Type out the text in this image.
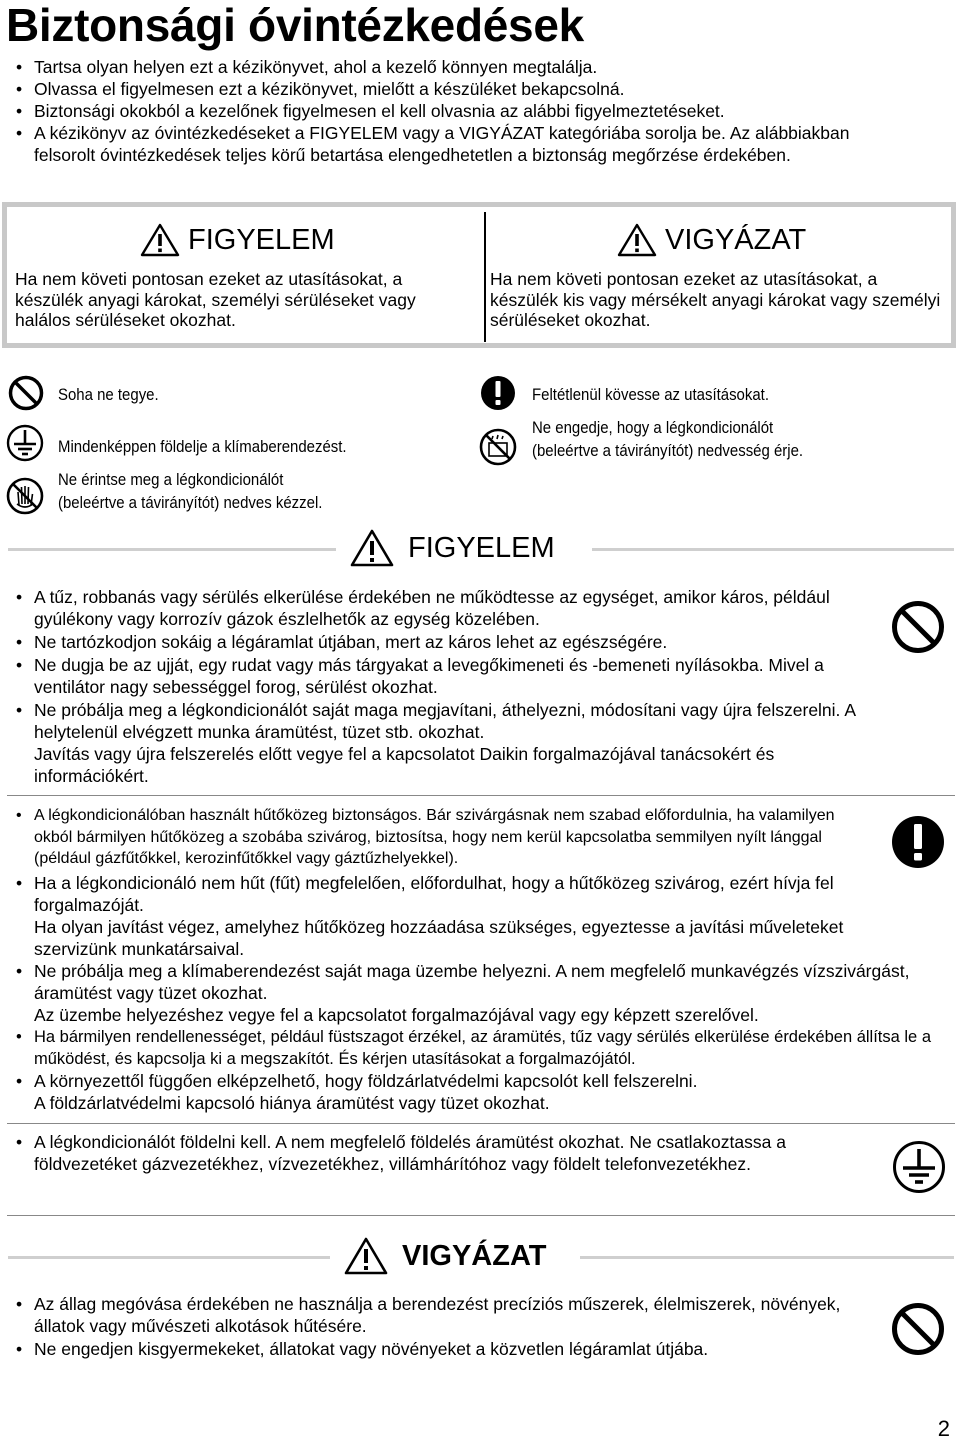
Biztonsági óvintézkedések
• Tartsa olyan helyen ezt a kézikönyvet, ahol a kezelő könnyen megtalálja.
• Olvassa el figyelmesen ezt a kézikönyvet, mielőtt a készüléket bekapcsolná.
• Biztonsági okokból a kezelőnek figyelmesen el kell olvasnia az alábbi figyelmeztetéseket.
• A kézikönyv az óvintézkedéseket a FIGYELEM vagy a VIGYÁZAT kategóriába sorolja be. Az alábbiakban felsorolt óvintézkedések teljes körű betartása elengedhetetlen a biztonság megőrzése érdekében.
FIGYELEM
Ha nem követi pontosan ezeket az utasításokat, a készülék anyagi károkat, személyi sérüléseket vagy halálos sérüléseket okozhat.
VIGYÁZAT
Ha nem követi pontosan ezeket az utasításokat, a készülék kis vagy mérsékelt anyagi károkat vagy személyi sérüléseket okozhat.
Soha ne tegye.
Mindenképpen földelje a klímaberendezést.
Ne érintse meg a légkondicionálót
(beleértve a távirányítót) nedves kézzel.
Feltétlenül kövesse az utasításokat.
Ne engedje, hogy a légkondicionálót
(beleértve a távirányítót) nedvesség érje.
FIGYELEM
• A tűz, robbanás vagy sérülés elkerülése érdekében ne működtesse az egységet, amikor káros, például gyúlékony vagy korrozív gázok észlelhetők az egység közelében.
• Ne tartózkodjon sokáig a légáramlat útjában, mert az káros lehet az egészségére.
• Ne dugja be az ujját, egy rudat vagy más tárgyakat a levegőkimeneti és -bemeneti nyílásokba. Mivel a ventilátor nagy sebességgel forog, sérülést okozhat.
• Ne próbálja meg a légkondicionálót saját maga megjavítani, áthelyezni, módosítani vagy újra felszerelni. A helytelenül elvégzett munka áramütést, tüzet stb. okozhat.
Javítás vagy újra felszerelés előtt vegye fel a kapcsolatot Daikin forgalmazójával tanácsokért és információkért.
• A légkondicionálóban használt hűtőközeg biztonságos. Bár szivárgásnak nem szabad előfordulnia, ha valamilyen okból bármilyen hűtőközeg a szobába szivárog, biztosítsa, hogy nem kerül kapcsolatba semmilyen nyílt lánggal (például gázfűtőkkel, kerozinfűtőkkel vagy gáztűzhelyekkel).
• Ha a légkondicionáló nem hűt (fűt) megfelelően, előfordulhat, hogy a hűtőközeg szivárog, ezért hívja fel forgalmazóját.
Ha olyan javítást végez, amelyhez hűtőközeg hozzáadása szükséges, egyeztesse a javítási műveleteket szervizünk munkatársaival.
• Ne próbálja meg a klímaberendezést saját maga üzembe helyezni. A nem megfelelő munkavégzés vízszivárgást, áramütést vagy tüzet okozhat.
Az üzembe helyezéshez vegye fel a kapcsolatot forgalmazójával vagy egy képzett szerelővel.
• Ha bármilyen rendellenességet, például füstszagot érzékel, az áramütés, tűz vagy sérülés elkerülése érdekében állítsa le a működést, és kapcsolja ki a megszakítót. És kérjen utasításokat a forgalmazójától.
• A környezettől függően elképzelhető, hogy földzárlatvédelmi kapcsolót kell felszerelni.
A földzárlatvédelmi kapcsoló hiánya áramütést vagy tüzet okozhat.
• A légkondicionálót földelni kell. A nem megfelelő földelés áramütést okozhat. Ne csatlakoztassa a földvezetéket gázvezetékhez, vízvezetékhez, villámhárítóhoz vagy földelt telefonvezetékhez.
VIGYÁZAT
• Az állag megóvása érdekében ne használja a berendezést precíziós műszerek, élelmiszerek, növények, állatok vagy művészeti alkotások hűtésére.
• Ne engedjen kisgyermekeket, állatokat vagy növényeket a közvetlen légáramlat útjába.
2
